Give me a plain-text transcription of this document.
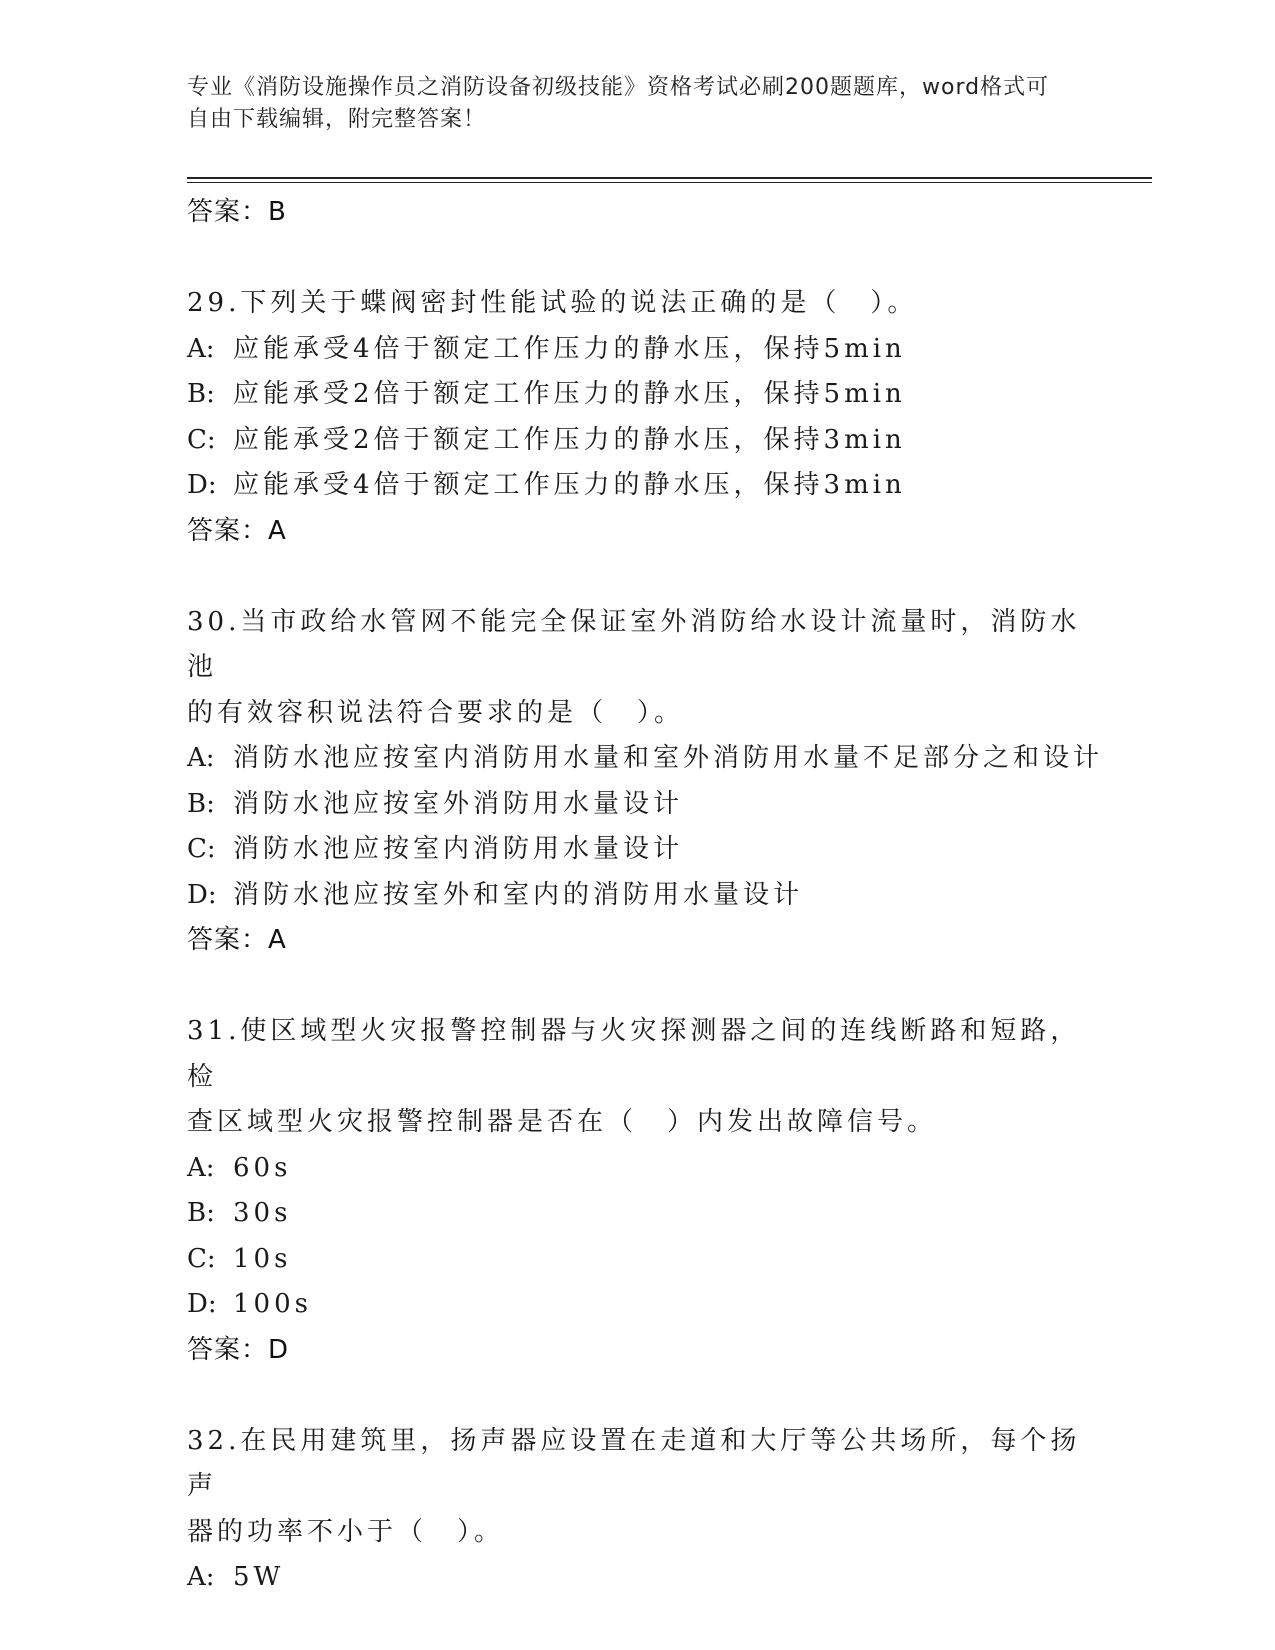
专业《消防设施操作员之消防设备初级技能》资格考试必刷200题题库，word格式可自由下载编辑，附完整答案！
答案：B
29.下列关于蝶阀密封性能试验的说法正确的是（　）。
A: 应能承受4倍于额定工作压力的静水压，保持5min
B: 应能承受2倍于额定工作压力的静水压，保持5min
C: 应能承受2倍于额定工作压力的静水压，保持3min
D: 应能承受4倍于额定工作压力的静水压，保持3min
答案：A
30.当市政给水管网不能完全保证室外消防给水设计流量时，消防水池
的有效容积说法符合要求的是（　）。
A: 消防水池应按室内消防用水量和室外消防用水量不足部分之和设计
B: 消防水池应按室外消防用水量设计
C: 消防水池应按室内消防用水量设计
D: 消防水池应按室外和室内的消防用水量设计
答案：A
31.使区域型火灾报警控制器与火灾探测器之间的连线断路和短路，检
查区域型火灾报警控制器是否在（　）内发出故障信号。
A: 60s
B: 30s
C: 10s
D: 100s
答案：D
32.在民用建筑里，扬声器应设置在走道和大厅等公共场所，每个扬声
器的功率不小于（　）。
A: 5W
